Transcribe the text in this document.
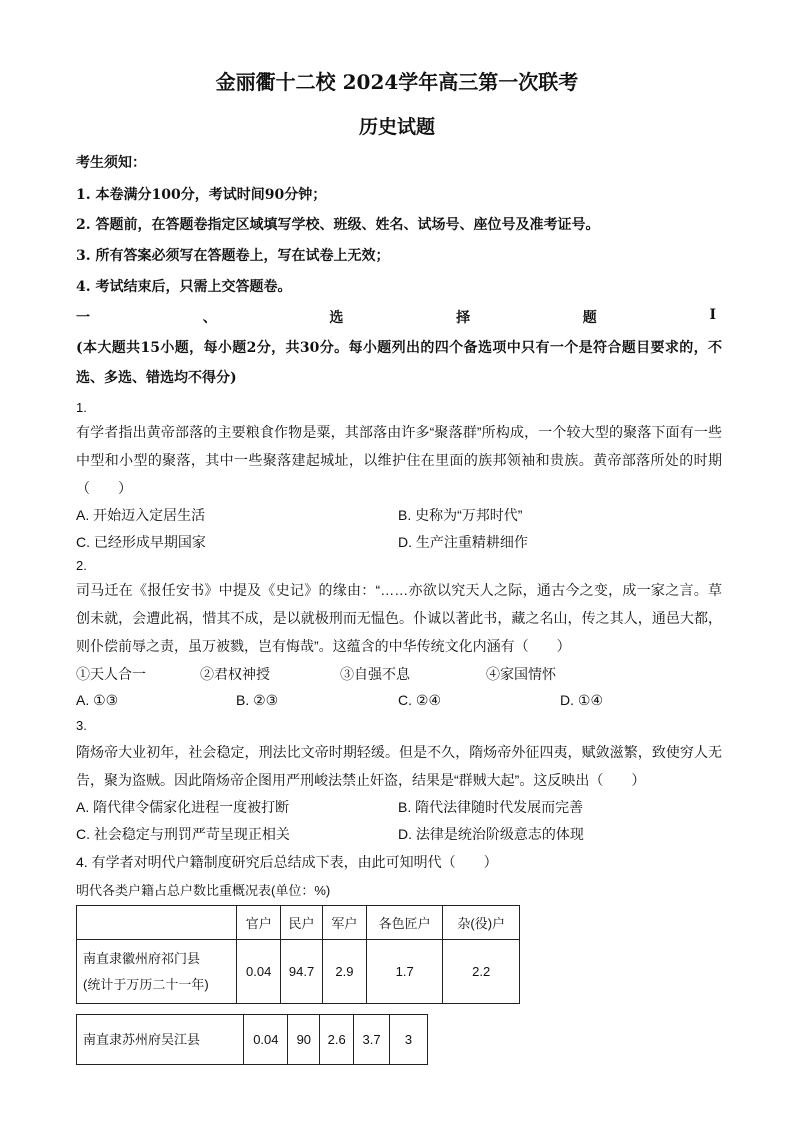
金丽衢十二校 2024学年高三第一次联考
历史试题
考生须知：
1. 本卷满分100分，考试时间90分钟；
2. 答题前，在答题卷指定区域填写学校、班级、姓名、试场号、座位号及准考证号。
3. 所有答案必须写在答题卷上，写在试卷上无效；
4. 考试结束后，只需上交答题卷。
一	、	选	择	题	I
(本大题共15小题，每小题2分，共30分。每小题列出的四个备选项中只有一个是符合题目要求的，不选、多选、错选均不得分)
1.
有学者指出黄帝部落的主要粮食作物是粟，其部落由许多“聚落群”所构成，一个较大型的聚落下面有一些中型和小型的聚落，其中一些聚落建起城址，以维护住在里面的族邦领袖和贵族。黄帝部落所处的时期（　　）
A. 开始迈入定居生活	B. 史称为“万邦时代”
C. 已经形成早期国家	D. 生产注重精耕细作
2.
司马迁在《报任安书》中提及《史记》的缘由：“……亦欲以究天人之际，通古今之变，成一家之言。草创未就，会遭此祸，惜其不成，是以就极刑而无愠色。仆诚以著此书，藏之名山，传之其人，通邑大都，则仆偿前辱之责，虽万被戮，岂有悔哉”。这蕴含的中华传统文化内涵有（　　）
①天人合一	②君权神授	③自强不息	④家国情怀
A. ①③	B. ②③	C. ②④	D. ①④
3.
隋炀帝大业初年，社会稳定，刑法比文帝时期轻缓。但是不久，隋炀帝外征四夷，赋敛滋繁，致使穷人无告，聚为盗贼。因此隋炀帝企图用严刑峻法禁止奸盗，结果是“群贼大起”。这反映出（　　）
A. 隋代律令儒家化进程一度被打断	B. 隋代法律随时代发展而完善
C. 社会稳定与刑罚严苛呈现正相关	D. 法律是统治阶级意志的体现
4. 有学者对明代户籍制度研究后总结成下表，由此可知明代（　　）
明代各类户籍占总户数比重概况表(单位：%)
	官户	民户	军户	各色匠户	杂(役)户

南直隶徽州府祁门县
(统计于万历二十一年)	0.04	94.7	2.9	1.7	2.2
南直隶苏州府吴江县	0.04	90	2.6	3.7	3
